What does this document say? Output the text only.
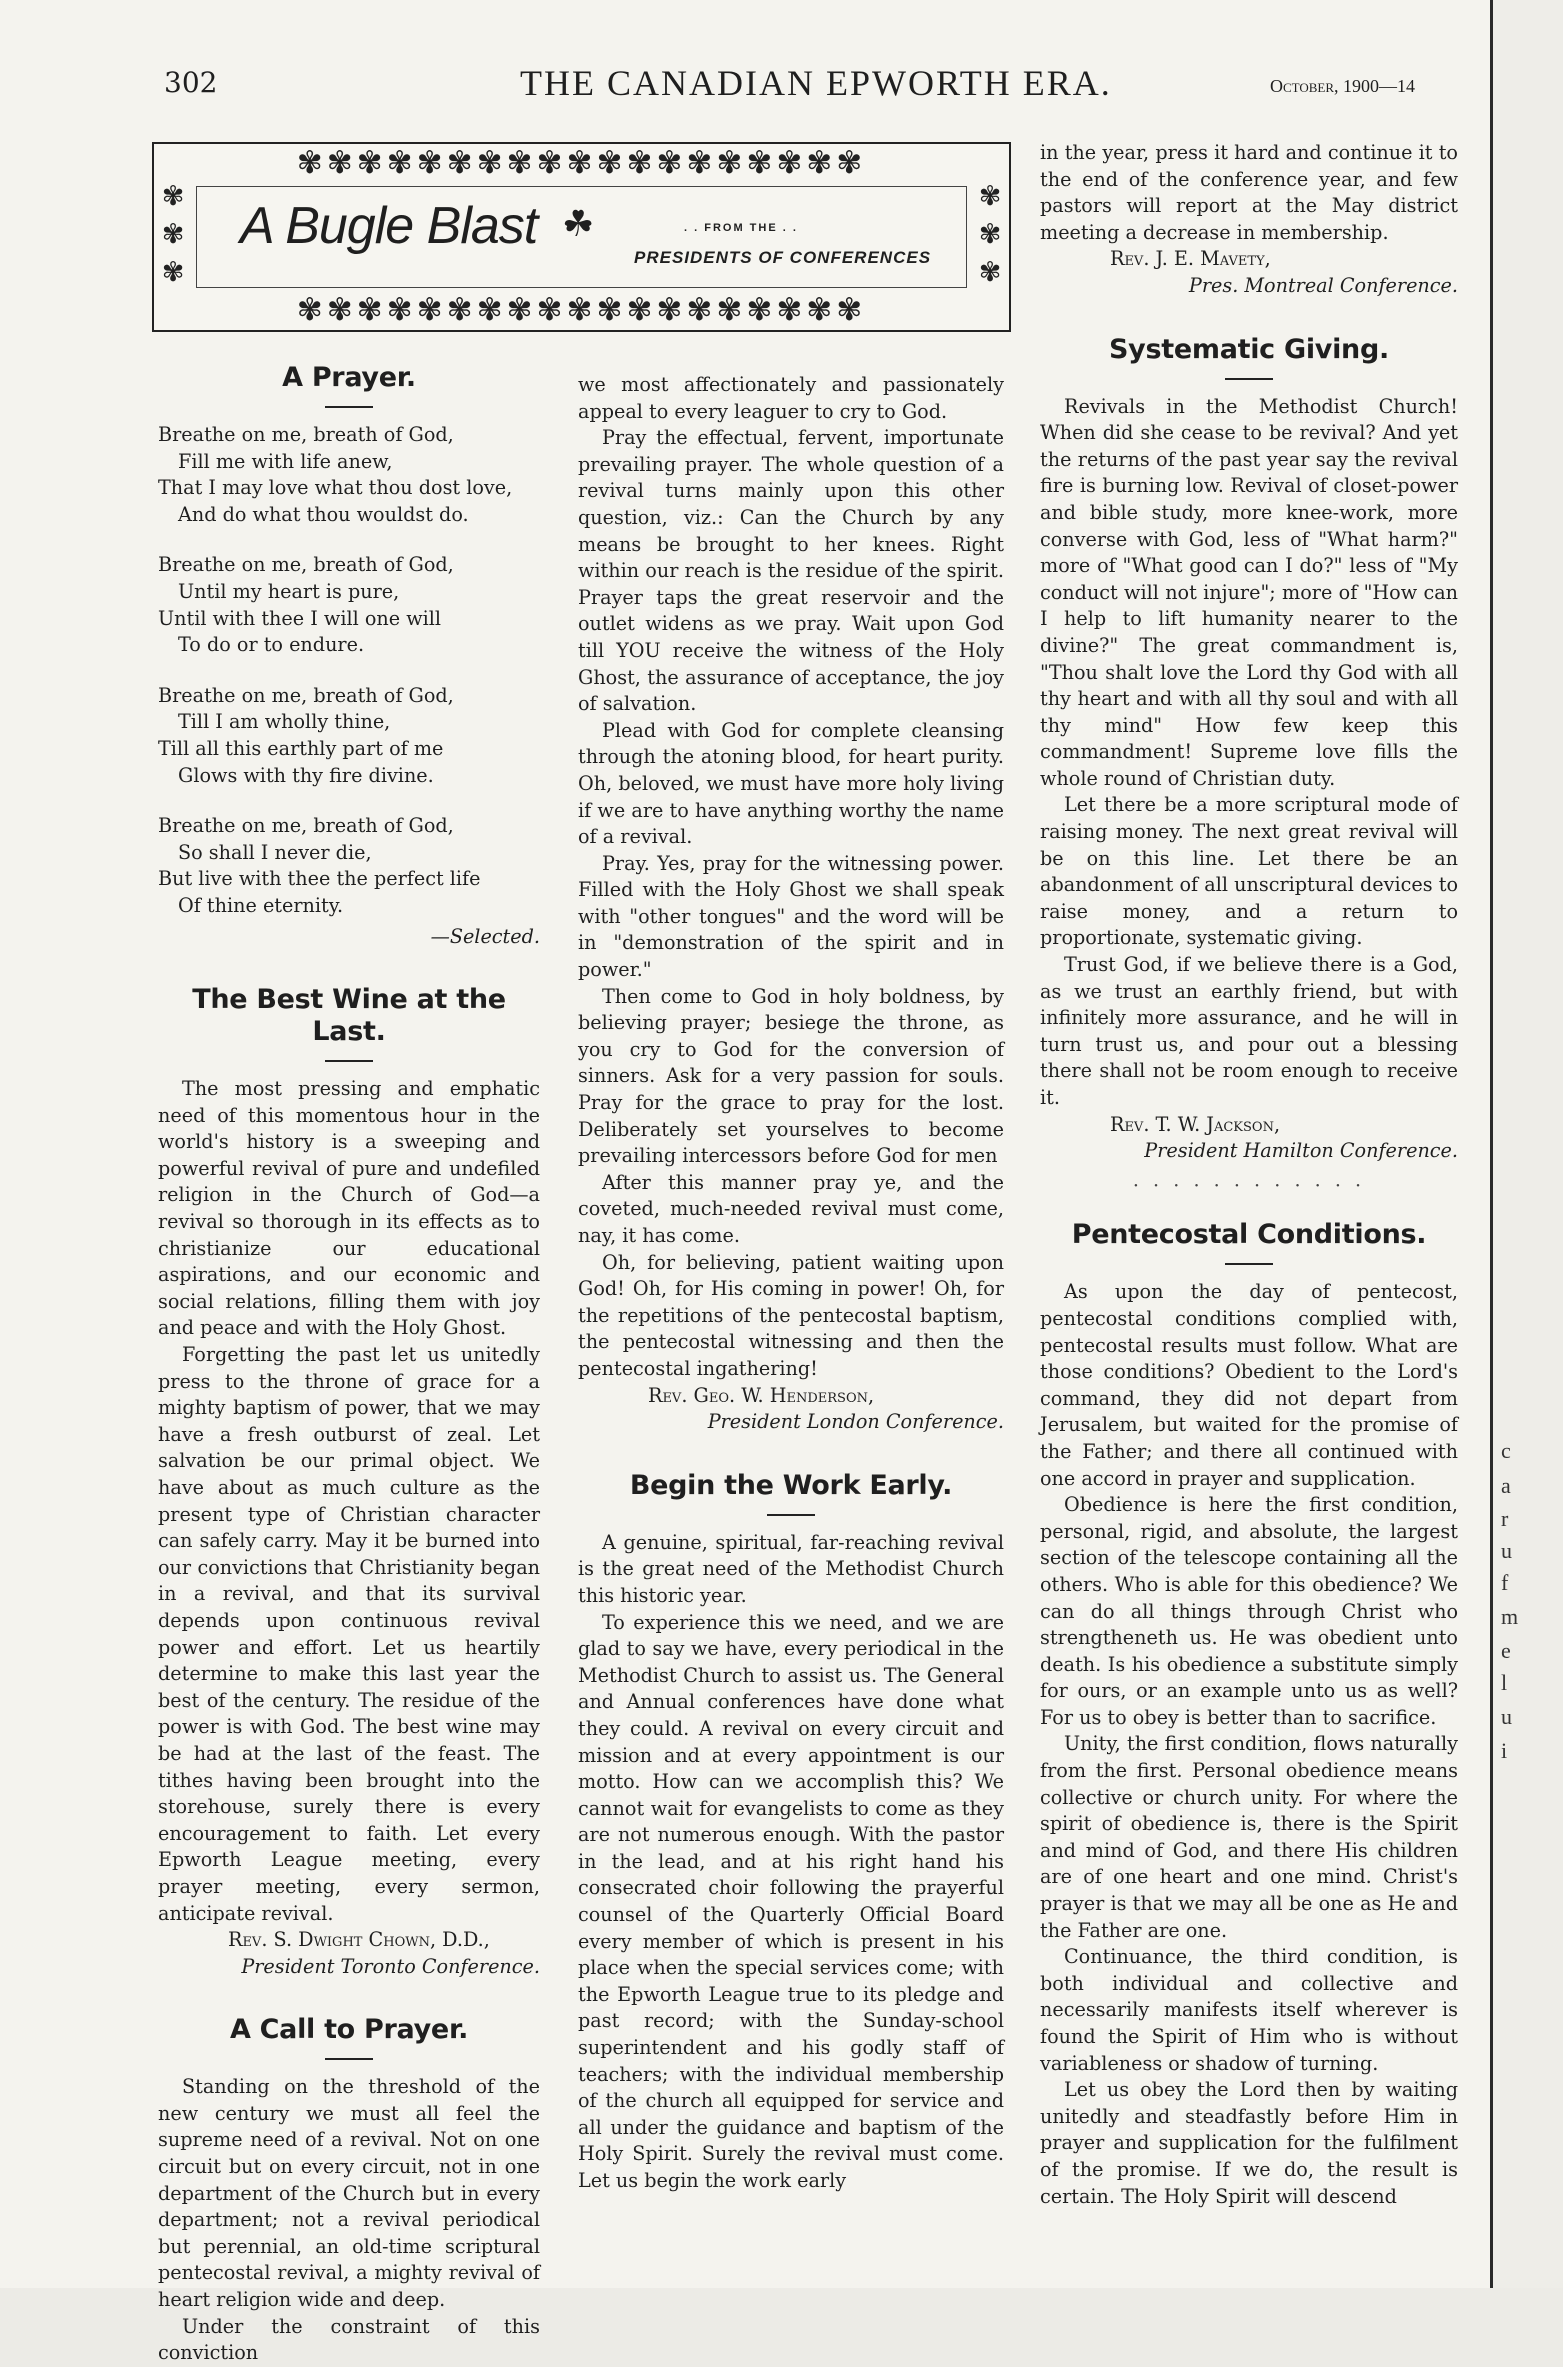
302	THE CANADIAN EPWORTH ERA.	October, 1900—14
✾✾✾✾✾✾✾✾✾✾✾✾✾✾✾✾✾✾✾
✾✾✾✾✾✾✾✾✾✾✾✾✾✾✾✾✾✾✾
✾
✾
✾
✾
✾
✾
A Bugle Blast ☘	. . FROM THE . .
PRESIDENTS OF CONFERENCES
A Prayer.
Breathe on me, breath of God,
Fill me with life anew,
That I may love what thou dost love,
And do what thou wouldst do.
Breathe on me, breath of God,
Until my heart is pure,
Until with thee I will one will
To do or to endure.
Breathe on me, breath of God,
Till I am wholly thine,
Till all this earthly part of me
Glows with thy fire divine.
Breathe on me, breath of God,
So shall I never die,
But live with thee the perfect life
Of thine eternity.
—Selected.
The Best Wine at the Last.

The most pressing and emphatic need of this momentous hour in the world's history is a sweeping and powerful revival of pure and undefiled religion in the Church of God—a revival so thorough in its effects as to christianize our educational aspirations, and our economic and social relations, filling them with joy and peace and with the Holy Ghost.

Forgetting the past let us unitedly press to the throne of grace for a mighty baptism of power, that we may have a fresh outburst of zeal. Let salvation be our primal object. We have about as much culture as the present type of Christian character can safely carry. May it be burned into our convictions that Christianity began in a revival, and that its survival depends upon continuous revival power and effort. Let us heartily determine to make this last year the best of the century. The residue of the power is with God. The best wine may be had at the last of the feast. The tithes having been brought into the storehouse, surely there is every encouragement to faith. Let every Epworth League meeting, every prayer meeting, every sermon, anticipate revival.

Rev. S. Dwight Chown, D.D.,
President Toronto Conference.

A Call to Prayer.

Standing on the threshold of the new century we must all feel the supreme need of a revival. Not on one circuit but on every circuit, not in one department of the Church but in every department; not a revival periodical but perennial, an old-time scriptural pentecostal revival, a mighty revival of heart religion wide and deep.

Under the constraint of this conviction

we most affectionately and passionately appeal to every leaguer to cry to God.

Pray the effectual, fervent, importunate prevailing prayer. The whole question of a revival turns mainly upon this other question, viz.: Can the Church by any means be brought to her knees. Right within our reach is the residue of the spirit. Prayer taps the great reservoir and the outlet widens as we pray. Wait upon God till YOU receive the witness of the Holy Ghost, the assurance of acceptance, the joy of salvation.

Plead with God for complete cleansing through the atoning blood, for heart purity. Oh, beloved, we must have more holy living if we are to have anything worthy the name of a revival.

Pray. Yes, pray for the witnessing power. Filled with the Holy Ghost we shall speak with "other tongues" and the word will be in "demonstration of the spirit and in power."

Then come to God in holy boldness, by believing prayer; besiege the throne, as you cry to God for the conversion of sinners. Ask for a very passion for souls. Pray for the grace to pray for the lost. Deliberately set yourselves to become prevailing intercessors before God for men

After this manner pray ye, and the coveted, much-needed revival must come, nay, it has come.

Oh, for believing, patient waiting upon God! Oh, for His coming in power! Oh, for the repetitions of the pentecostal baptism, the pentecostal witnessing and then the pentecostal ingathering!

Rev. Geo. W. Henderson,
President London Conference.

Begin the Work Early.

A genuine, spiritual, far-reaching revival is the great need of the Methodist Church this historic year.

To experience this we need, and we are glad to say we have, every periodical in the Methodist Church to assist us. The General and Annual conferences have done what they could. A revival on every circuit and mission and at every appointment is our motto. How can we accomplish this? We cannot wait for evangelists to come as they are not numerous enough. With the pastor in the lead, and at his right hand his consecrated choir following the prayerful counsel of the Quarterly Official Board every member of which is present in his place when the special services come; with the Epworth League true to its pledge and past record; with the Sunday-school superintendent and his godly staff of teachers; with the individual membership of the church all equipped for service and all under the guidance and baptism of the Holy Spirit. Surely the revival must come. Let us begin the work early

in the year, press it hard and continue it to the end of the conference year, and few pastors will report at the May district meeting a decrease in membership.

Rev. J. E. Mavety,
Pres. Montreal Conference.

Systematic Giving.

Revivals in the Methodist Church! When did she cease to be revival? And yet the returns of the past year say the revival fire is burning low. Revival of closet-power and bible study, more knee-work, more converse with God, less of "What harm?" more of "What good can I do?" less of "My conduct will not injure"; more of "How can I help to lift humanity nearer to the divine?" The great commandment is, "Thou shalt love the Lord thy God with all thy heart and with all thy soul and with all thy mind" How few keep this commandment! Supreme love fills the whole round of Christian duty.

Let there be a more scriptural mode of raising money. The next great revival will be on this line. Let there be an abandonment of all unscriptural devices to raise money, and a return to proportionate, systematic giving.

Trust God, if we believe there is a God, as we trust an earthly friend, but with infinitely more assurance, and he will in turn trust us, and pour out a blessing there shall not be room enough to receive it.

Rev. T. W. Jackson,
President Hamilton Conference.

· · · · · · · · · · · ·
Pentecostal Conditions.

As upon the day of pentecost, pentecostal conditions complied with, pentecostal results must follow. What are those conditions? Obedient to the Lord's command, they did not depart from Jerusalem, but waited for the promise of the Father; and there all continued with one accord in prayer and supplication.

Obedience is here the first condition, personal, rigid, and absolute, the largest section of the telescope containing all the others. Who is able for this obedience? We can do all things through Christ who strengtheneth us. He was obedient unto death. Is his obedience a substitute simply for ours, or an example unto us as well? For us to obey is better than to sacrifice.

Unity, the first condition, flows naturally from the first. Personal obedience means collective or church unity. For where the spirit of obedience is, there is the Spirit and mind of God, and there His children are of one heart and one mind. Christ's prayer is that we may all be one as He and the Father are one.

Continuance, the third condition, is both individual and collective and necessarily manifests itself wherever is found the Spirit of Him who is without variableness or shadow of turning.

Let us obey the Lord then by waiting unitedly and steadfastly before Him in prayer and supplication for the fulfilment of the promise. If we do, the result is certain. The Holy Spirit will descend

c
a
r
u
f
m
e
l
u
i
